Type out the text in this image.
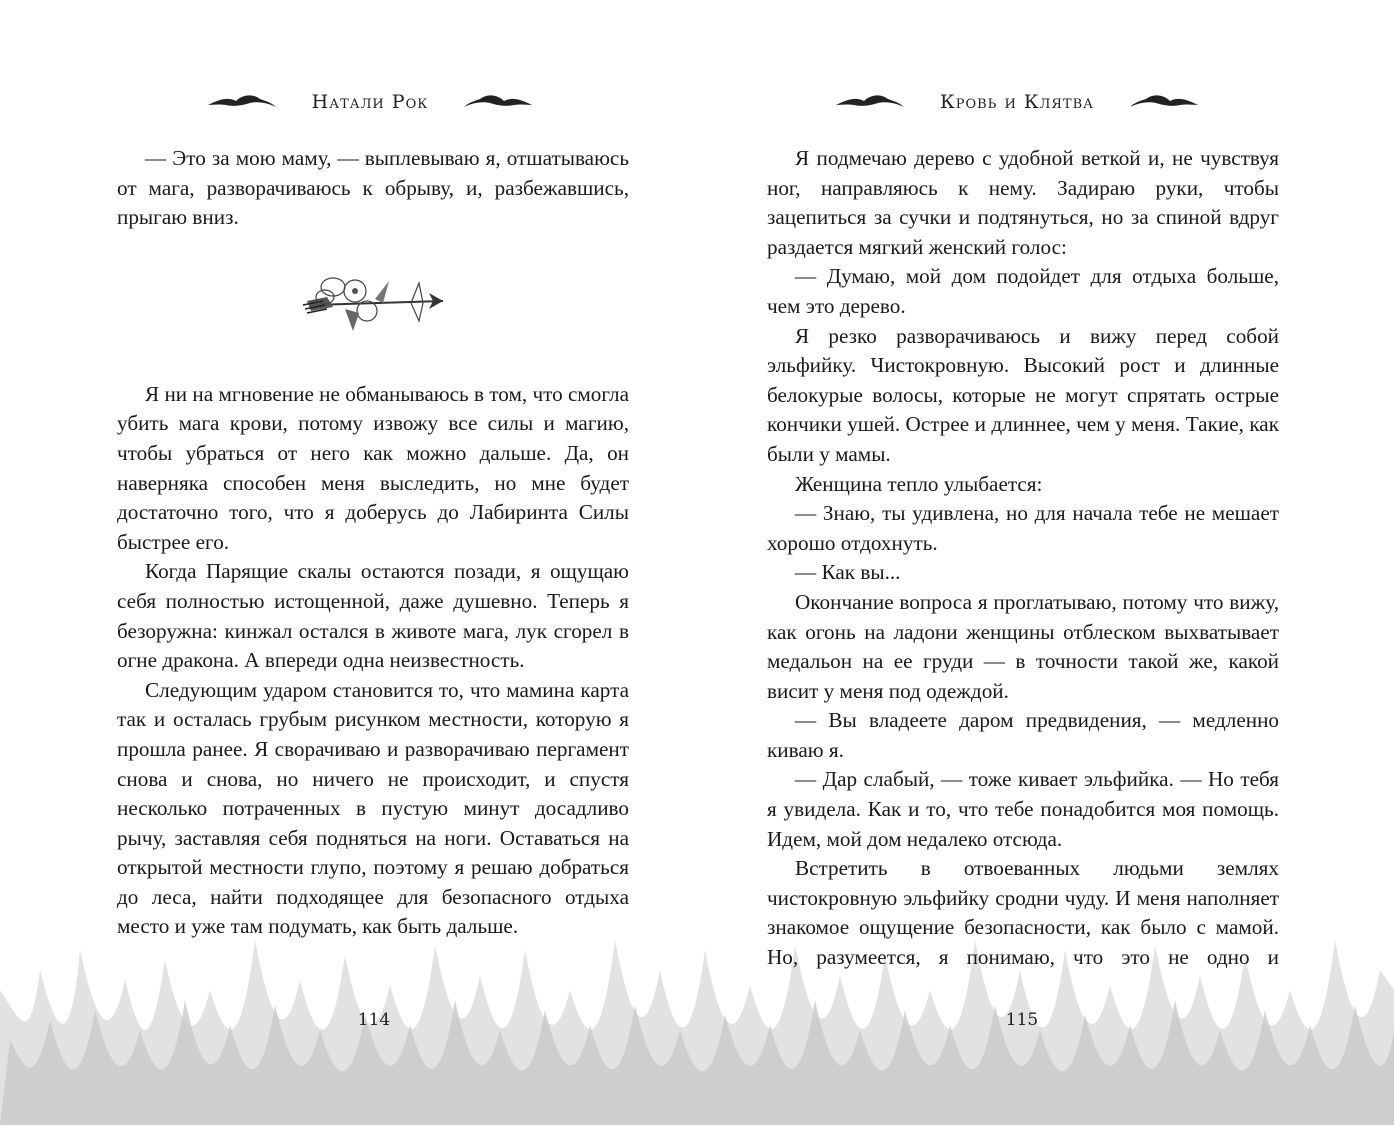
Натали Рок

— Это за мою маму, — выплевываю я, отшатываюсь от мага, разворачиваюсь к обрыву, и, разбежавшись, прыгаю вниз.

Я ни на мгновение не обманываюсь в том, что смогла убить мага крови, потому извожу все силы и магию, чтобы убраться от него как можно дальше. Да, он наверняка способен меня выследить, но мне будет достаточно того, что я доберусь до Лабиринта Силы быстрее его.

Когда Парящие скалы остаются позади, я ощущаю себя полностью истощенной, даже душевно. Теперь я безоружна: кинжал остался в животе мага, лук сгорел в огне дракона. А впереди одна неизвестность.

Следующим ударом становится то, что мамина карта так и осталась грубым рисунком местности, которую я прошла ранее. Я сворачиваю и разворачиваю пергамент снова и снова, но ничего не происходит, и спустя несколько потраченных в пустую минут досадливо рычу, заставляя себя подняться на ноги. Оставаться на открытой местности глупо, поэтому я решаю добраться до леса, найти подходящее для безопасного отдыха место и уже там подумать, как быть дальше.

114
Кровь и Клятва

Я подмечаю дерево с удобной веткой и, не чувствуя ног, направляюсь к нему. Задираю руки, чтобы зацепиться за сучки и подтянуться, но за спиной вдруг раздается мягкий женский голос:

— Думаю, мой дом подойдет для отдыха больше, чем это дерево.

Я резко разворачиваюсь и вижу перед собой эльфийку. Чистокровную. Высокий рост и длинные белокурые волосы, которые не могут спрятать острые кончики ушей. Острее и длиннее, чем у меня. Такие, как были у мамы.

Женщина тепло улыбается:

— Знаю, ты удивлена, но для начала тебе не мешает хорошо отдохнуть.

— Как вы...

Окончание вопроса я проглатываю, потому что вижу, как огонь на ладони женщины отблеском выхватывает медальон на ее груди — в точности такой же, какой висит у меня под одеждой.

— Вы владеете даром предвидения, — медленно киваю я.

— Дар слабый, — тоже кивает эльфийка. — Но тебя я увидела. Как и то, что тебе понадобится моя помощь. Идем, мой дом недалеко отсюда.

Встретить в отвоеванных людьми землях чистокровную эльфийку сродни чуду. И меня наполняет знакомое ощущение безопасности, как было с мамой. Но, разумеется, я понимаю, что это не одно и

115
